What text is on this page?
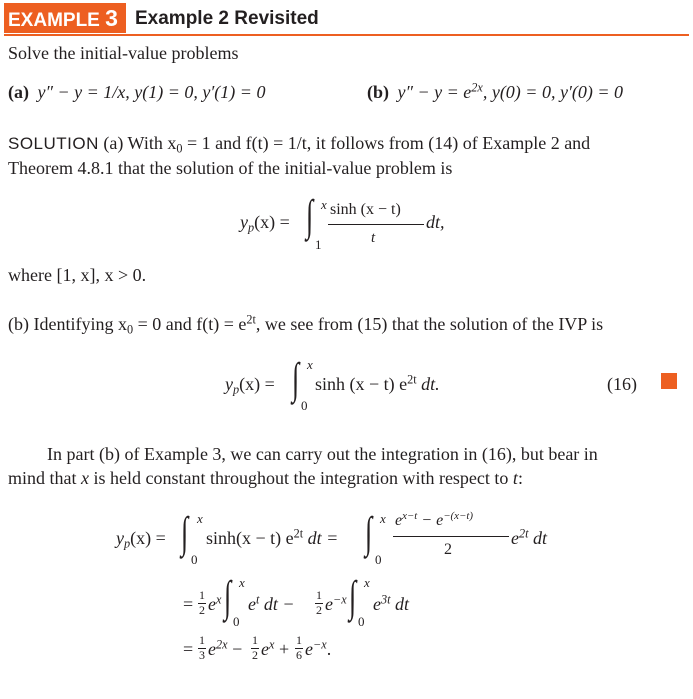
EXAMPLE 3 Example 2 Revisited
Solve the initial-value problems
(a) y″ − y = 1/x, y(1) = 0, y′(1) = 0	(b) $y'' - y = e^{2x}$, y(0) = 0, y′(0) = 0
SOLUTION (a) With $x_0 = 1$ and f(t) = 1/t, it follows from (14) of Example 2 and
Theorem 4.8.1 that the solution of the initial-value problem is
$y_p(x)$ = ∫ x
1
sinh (x − t)
t
dt,
where [1, x], x > 0.
(b) Identifying $x_0 = 0$ and $f(t) = e^{2t}$, we see from (15) that the solution of the IVP is
$y_p(x)$ = ∫ x
0
sinh (x − t) $e^{2t}$ dt.	(16)
In part (b) of Example 3, we can carry out the integration in (16), but bear in
mind that x is held constant throughout the integration with respect to t:
$y_p(x)$ = ∫ x
0
sinh(x − t) $e^{2t}$ dt = ∫ x
0
$e^{x-t} - e^{-(x-t)}$
2
$e^{2t}$ dt
= 1
2 $e^x$ ∫ x
0
$e^t$ dt − 1
2 $e^{-x}$ ∫ x
0
$e^{3t}$ dt
= 1
3 $e^{2x} - 1$
2 $e^x + 1$
6 $e^{-x}$.
